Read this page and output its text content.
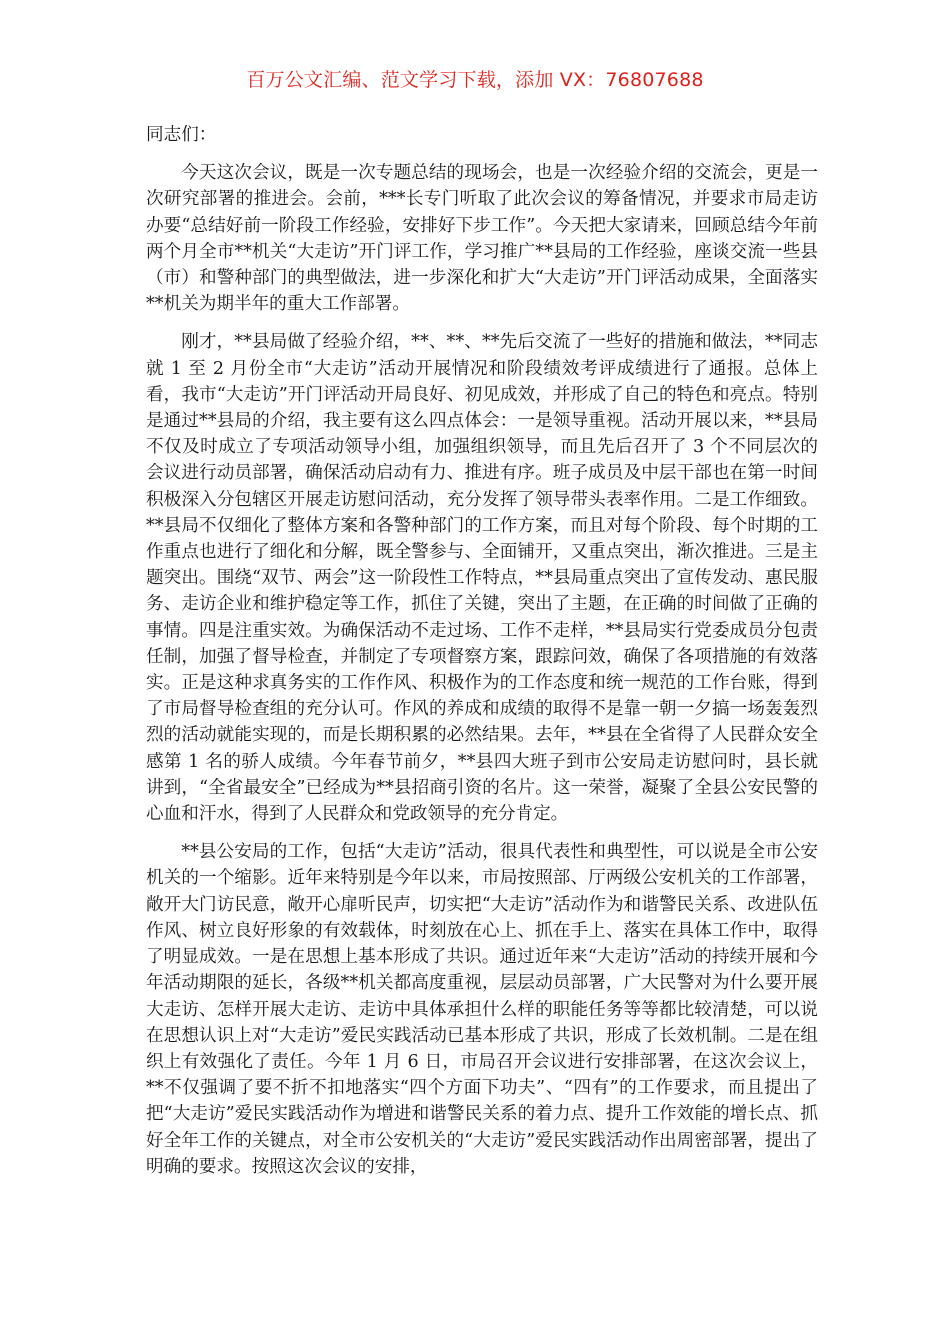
百万公文汇编、范文学习下载，添加 VX：76807688

同志们：

今天这次会议，既是一次专题总结的现场会，也是一次经验介绍的交流会，更是一次研究部署的推进会。会前，***长专门听取了此次会议的筹备情况，并要求市局走访办要“总结好前一阶段工作经验，安排好下步工作”。今天把大家请来，回顾总结今年前两个月全市**机关“大走访”开门评工作，学习推广**县局的工作经验，座谈交流一些县（市）和警种部门的典型做法，进一步深化和扩大“大走访”开门评活动成果，全面落实**机关为期半年的重大工作部署。

刚才，**县局做了经验介绍，**、**、**先后交流了一些好的措施和做法，**同志就 1 至 2 月份全市“大走访”活动开展情况和阶段绩效考评成绩进行了通报。总体上看，我市“大走访”开门评活动开局良好、初见成效，并形成了自己的特色和亮点。特别是通过**县局的介绍，我主要有这么四点体会：一是领导重视。活动开展以来，**县局不仅及时成立了专项活动领导小组，加强组织领导，而且先后召开了 3 个不同层次的会议进行动员部署，确保活动启动有力、推进有序。班子成员及中层干部也在第一时间积极深入分包辖区开展走访慰问活动，充分发挥了领导带头表率作用。二是工作细致。**县局不仅细化了整体方案和各警种部门的工作方案，而且对每个阶段、每个时期的工作重点也进行了细化和分解，既全警参与、全面铺开，又重点突出，渐次推进。三是主题突出。围绕“双节、两会”这一阶段性工作特点，**县局重点突出了宣传发动、惠民服务、走访企业和维护稳定等工作，抓住了关键，突出了主题，在正确的时间做了正确的事情。四是注重实效。为确保活动不走过场、工作不走样，**县局实行党委成员分包责任制，加强了督导检查，并制定了专项督察方案，跟踪问效，确保了各项措施的有效落实。正是这种求真务实的工作作风、积极作为的工作态度和统一规范的工作台账，得到了市局督导检查组的充分认可。作风的养成和成绩的取得不是靠一朝一夕搞一场轰轰烈烈的活动就能实现的，而是长期积累的必然结果。去年，**县在全省得了人民群众安全感第 1 名的骄人成绩。今年春节前夕，**县四大班子到市公安局走访慰问时，县长就讲到，“全省最安全”已经成为**县招商引资的名片。这一荣誉，凝聚了全县公安民警的心血和汗水，得到了人民群众和党政领导的充分肯定。

**县公安局的工作，包括“大走访”活动，很具代表性和典型性，可以说是全市公安机关的一个缩影。近年来特别是今年以来，市局按照部、厅两级公安机关的工作部署，敞开大门访民意，敞开心扉听民声，切实把“大走访”活动作为和谐警民关系、改进队伍作风、树立良好形象的有效载体，时刻放在心上、抓在手上、落实在具体工作中，取得了明显成效。一是在思想上基本形成了共识。通过近年来“大走访”活动的持续开展和今年活动期限的延长，各级**机关都高度重视，层层动员部署，广大民警对为什么要开展大走访、怎样开展大走访、走访中具体承担什么样的职能任务等等都比较清楚，可以说在思想认识上对“大走访”爱民实践活动已基本形成了共识，形成了长效机制。二是在组织上有效强化了责任。今年 1 月 6 日，市局召开会议进行安排部署，在这次会议上，**不仅强调了要不折不扣地落实“四个方面下功夫”、“四有”的工作要求，而且提出了把“大走访”爱民实践活动作为增进和谐警民关系的着力点、提升工作效能的增长点、抓好全年工作的关键点，对全市公安机关的“大走访”爱民实践活动作出周密部署，提出了明确的要求。按照这次会议的安排，
